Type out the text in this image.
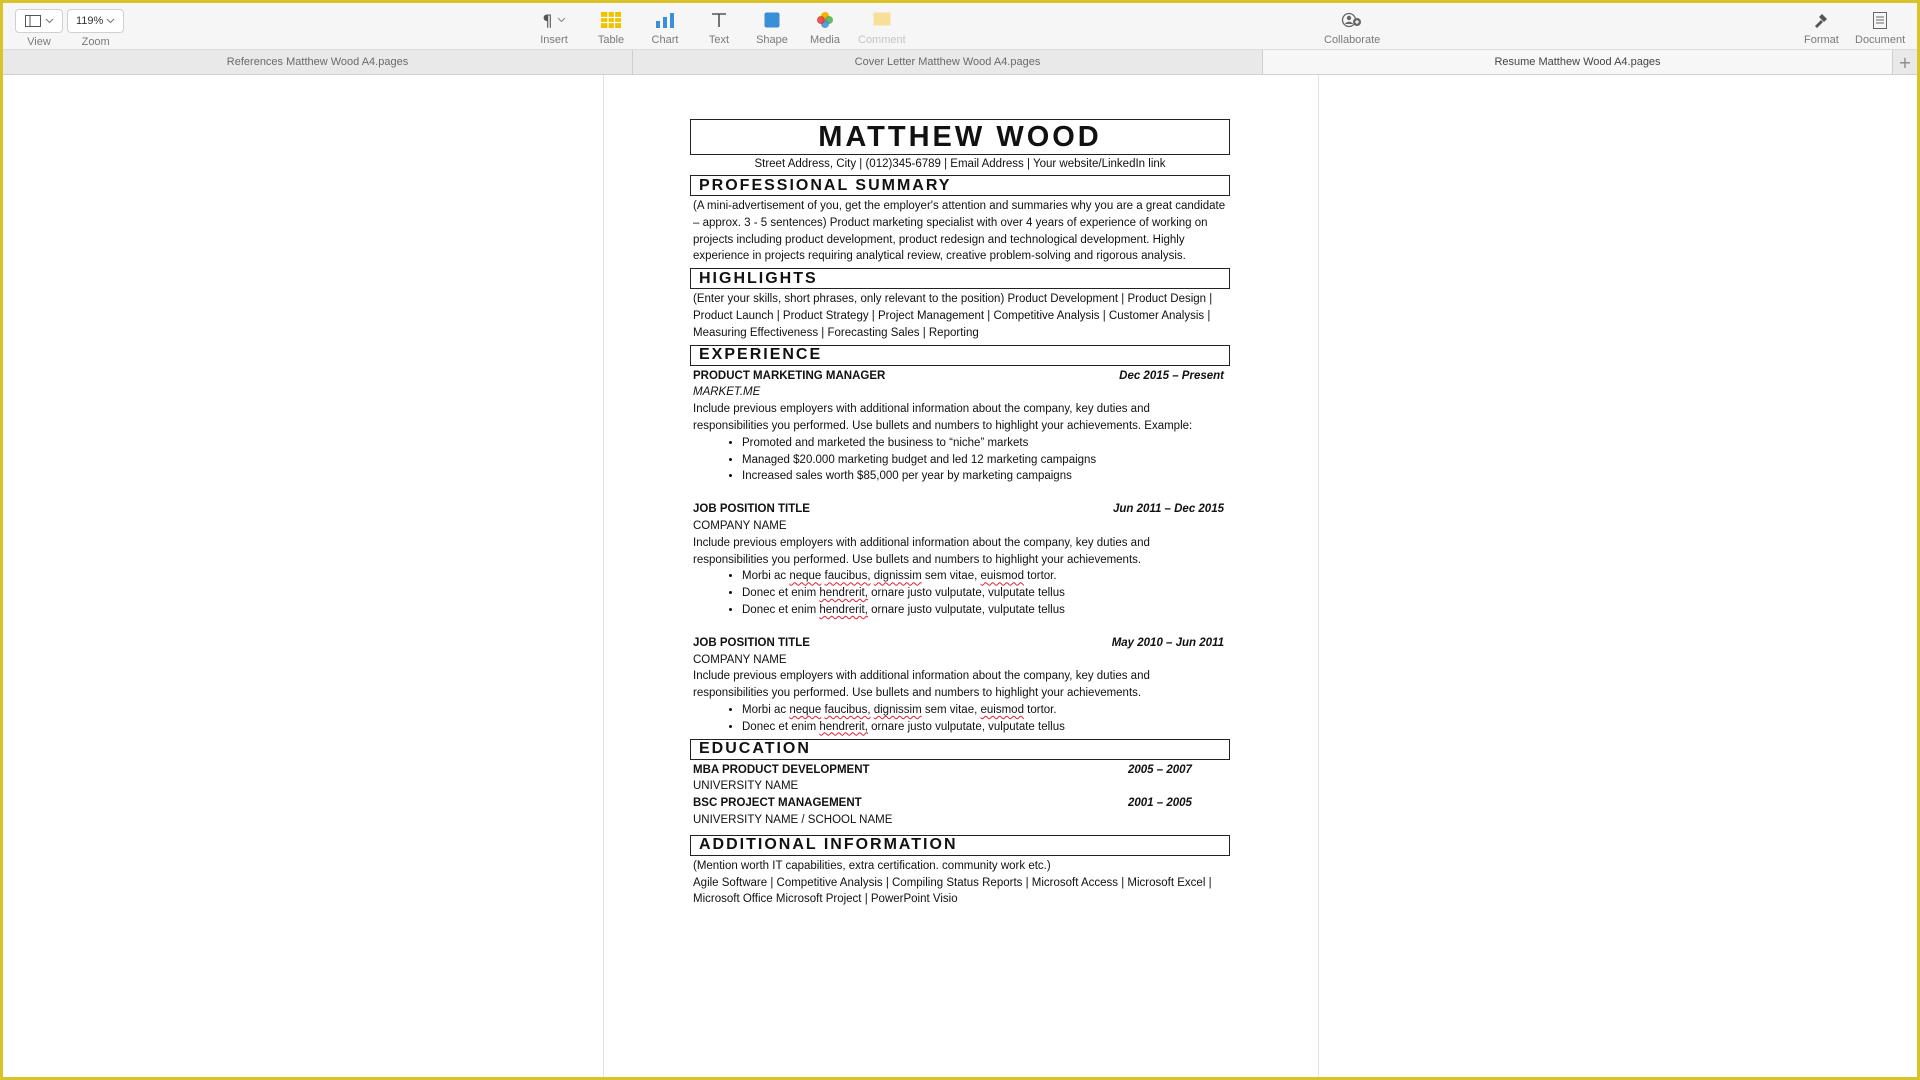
View
119%
Zoom
¶
Insert	Table Chart	Text Shape Media Comment	Collaborate	Format Document
References Matthew Wood A4.pages	Cover Letter Matthew Wood A4.pages	Resume Matthew Wood A4.pages	+
MATTHEW WOOD
Street Address, City | (012)345-6789 | Email Address | Your website/LinkedIn link
PROFESSIONAL SUMMARY
(A mini-advertisement of you, get the employer's attention and summaries why you are a great candidate – approx. 3 - 5 sentences) Product marketing specialist with over 4 years of experience of working on projects including product development, product redesign and technological development. Highly experience in projects requiring analytical review, creative problem-solving and rigorous analysis.
HIGHLIGHTS
(Enter your skills, short phrases, only relevant to the position) Product Development | Product Design | Product Launch | Product Strategy | Project Management | Competitive Analysis | Customer Analysis | Measuring Effectiveness | Forecasting Sales | Reporting
EXPERIENCE
PRODUCT MARKETING MANAGER	Dec 2015 – Present
MARKET.ME
Include previous employers with additional information about the company, key duties and responsibilities you performed. Use bullets and numbers to highlight your achievements. Example:
• Promoted and marketed the business to “niche” markets
• Managed $20.000 marketing budget and led 12 marketing campaigns
• Increased sales worth $85,000 per year by marketing campaigns
JOB POSITION TITLE	Jun 2011 – Dec 2015
COMPANY NAME
Include previous employers with additional information about the company, key duties and responsibilities you performed. Use bullets and numbers to highlight your achievements.
• Morbi ac neque faucibus, dignissim sem vitae, euismod tortor.
• Donec et enim hendrerit, ornare justo vulputate, vulputate tellus
• Donec et enim hendrerit, ornare justo vulputate, vulputate tellus
JOB POSITION TITLE	May 2010 – Jun 2011
COMPANY NAME
Include previous employers with additional information about the company, key duties and responsibilities you performed. Use bullets and numbers to highlight your achievements.
• Morbi ac neque faucibus, dignissim sem vitae, euismod tortor.
• Donec et enim hendrerit, ornare justo vulputate, vulputate tellus
EDUCATION
MBA PRODUCT DEVELOPMENT	2005 – 2007
UNIVERSITY NAME
BSC PROJECT MANAGEMENT	2001 – 2005
UNIVERSITY NAME / SCHOOL NAME
ADDITIONAL INFORMATION
(Mention worth IT capabilities, extra certification. community work etc.)
Agile Software | Competitive Analysis | Compiling Status Reports | Microsoft Access | Microsoft Excel | Microsoft Office Microsoft Project | PowerPoint Visio
